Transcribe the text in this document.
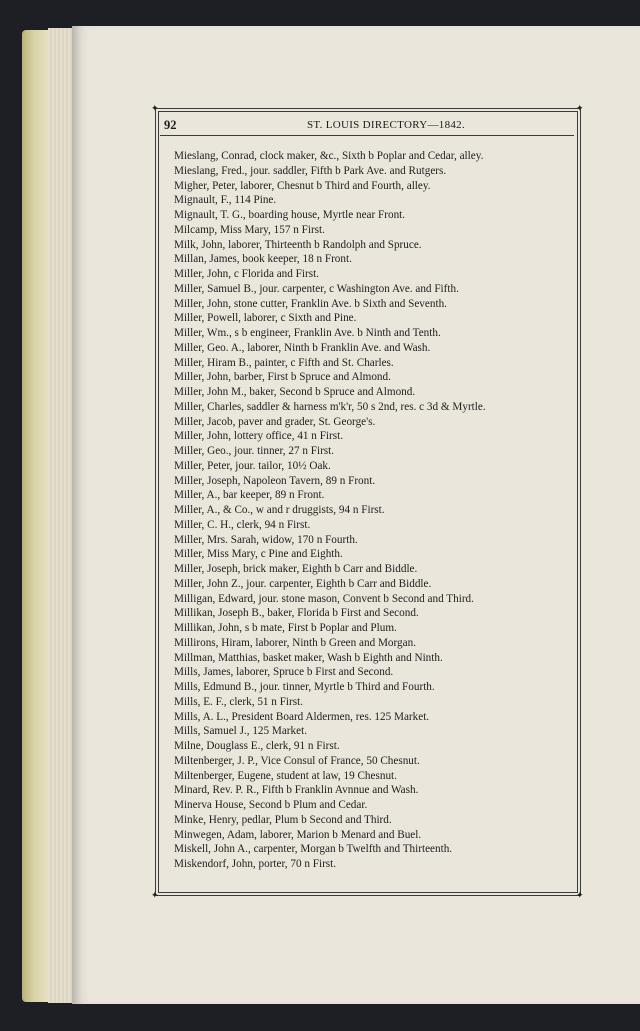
✦	✦
✦	✦
92	ST. LOUIS DIRECTORY—1842.
Mieslang, Conrad, clock maker, &c., Sixth b Poplar and Cedar, alley.
Mieslang, Fred., jour. saddler, Fifth b Park Ave. and Rutgers.
Migher, Peter, laborer, Chesnut b Third and Fourth, alley.
Mignault, F., 114 Pine.
Mignault, T. G., boarding house, Myrtle near Front.
Milcamp, Miss Mary, 157 n First.
Milk, John, laborer, Thirteenth b Randolph and Spruce.
Millan, James, book keeper, 18 n Front.
Miller, John, c Florida and First.
Miller, Samuel B., jour. carpenter, c Washington Ave. and Fifth.
Miller, John, stone cutter, Franklin Ave. b Sixth and Seventh.
Miller, Powell, laborer, c Sixth and Pine.
Miller, Wm., s b engineer, Franklin Ave. b Ninth and Tenth.
Miller, Geo. A., laborer, Ninth b Franklin Ave. and Wash.
Miller, Hiram B., painter, c Fifth and St. Charles.
Miller, John, barber, First b Spruce and Almond.
Miller, John M., baker, Second b Spruce and Almond.
Miller, Charles, saddler & harness m'k'r, 50 s 2nd, res. c 3d & Myrtle.
Miller, Jacob, paver and grader, St. George's.
Miller, John, lottery office, 41 n First.
Miller, Geo., jour. tinner, 27 n First.
Miller, Peter, jour. tailor, 10½ Oak.
Miller, Joseph, Napoleon Tavern, 89 n Front.
Miller, A., bar keeper, 89 n Front.
Miller, A., & Co., w and r druggists, 94 n First.
Miller, C. H., clerk, 94 n First.
Miller, Mrs. Sarah, widow, 170 n Fourth.
Miller, Miss Mary, c Pine and Eighth.
Miller, Joseph, brick maker, Eighth b Carr and Biddle.
Miller, John Z., jour. carpenter, Eighth b Carr and Biddle.
Milligan, Edward, jour. stone mason, Convent b Second and Third.
Millikan, Joseph B., baker, Florida b First and Second.
Millikan, John, s b mate, First b Poplar and Plum.
Millirons, Hiram, laborer, Ninth b Green and Morgan.
Millman, Matthias, basket maker, Wash b Eighth and Ninth.
Mills, James, laborer, Spruce b First and Second.
Mills, Edmund B., jour. tinner, Myrtle b Third and Fourth.
Mills, E. F., clerk, 51 n First.
Mills, A. L., President Board Aldermen, res. 125 Market.
Mills, Samuel J., 125 Market.
Milne, Douglass E., clerk, 91 n First.
Miltenberger, J. P., Vice Consul of France, 50 Chesnut.
Miltenberger, Eugene, student at law, 19 Chesnut.
Minard, Rev. P. R., Fifth b Franklin Avnnue and Wash.
Minerva House, Second b Plum and Cedar.
Minke, Henry, pedlar, Plum b Second and Third.
Minwegen, Adam, laborer, Marion b Menard and Buel.
Miskell, John A., carpenter, Morgan b Twelfth and Thirteenth.
Miskendorf, John, porter, 70 n First.
